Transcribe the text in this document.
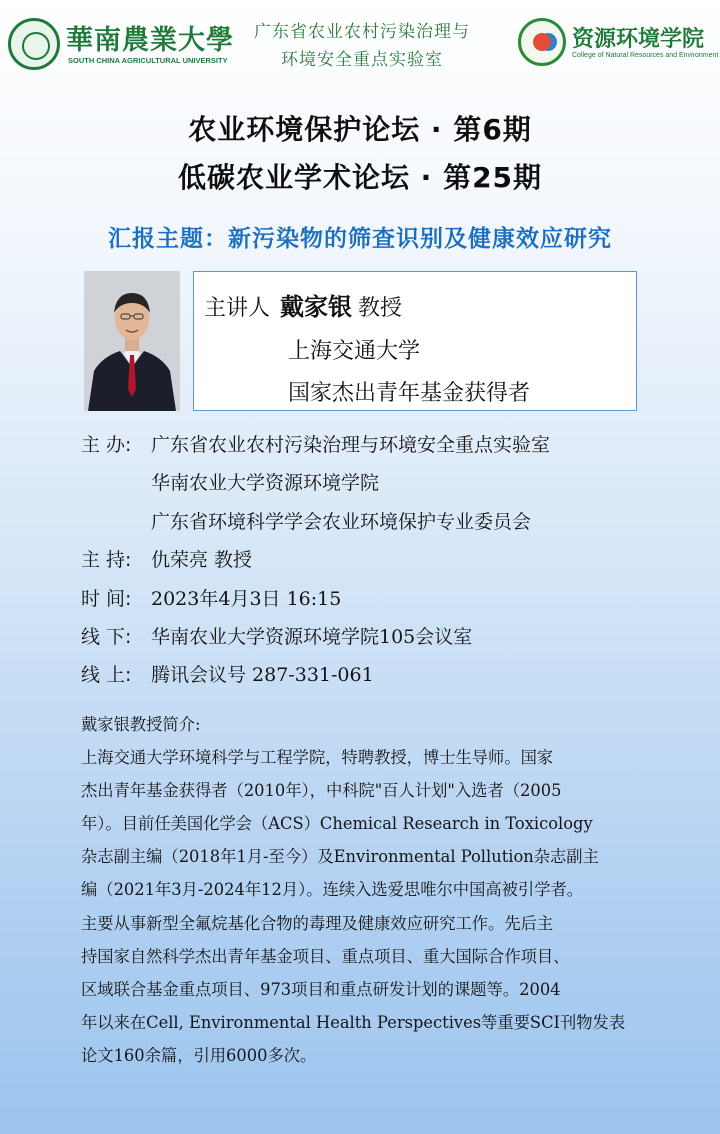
華南農業大學
SOUTH CHINA AGRICULTURAL UNIVERSITY
广东省农业农村污染治理与
环境安全重点实验室
资源环境学院
College of Natural Resources and Environment
农业环境保护论坛 · 第6期
低碳农业学术论坛 · 第25期
汇报主题：新污染物的筛查识别及健康效应研究
主讲人 戴家银 教授
上海交通大学
国家杰出青年基金获得者
主 办: 广东省农业农村污染治理与环境安全重点实验室
华南农业大学资源环境学院
广东省环境科学学会农业环境保护专业委员会
主 持: 仇荣亮 教授
时 间: 2023年4月3日 16:15
线 下: 华南农业大学资源环境学院105会议室
线 上: 腾讯会议号 287-331-061
戴家银教授简介:
上海交通大学环境科学与工程学院，特聘教授，博士生导师。国家
杰出青年基金获得者（2010年），中科院"百人计划"入选者（2005
年）。目前任美国化学会（ACS）Chemical Research in Toxicology
杂志副主编（2018年1月-至今）及Environmental Pollution杂志副主
编（2021年3月-2024年12月）。连续入选爱思唯尔中国高被引学者。
主要从事新型全氟烷基化合物的毒理及健康效应研究工作。先后主
持国家自然科学杰出青年基金项目、重点项目、重大国际合作项目、
区域联合基金重点项目、973项目和重点研发计划的课题等。2004
年以来在Cell, Environmental Health Perspectives等重要SCI刊物发表
论文160余篇，引用6000多次。
